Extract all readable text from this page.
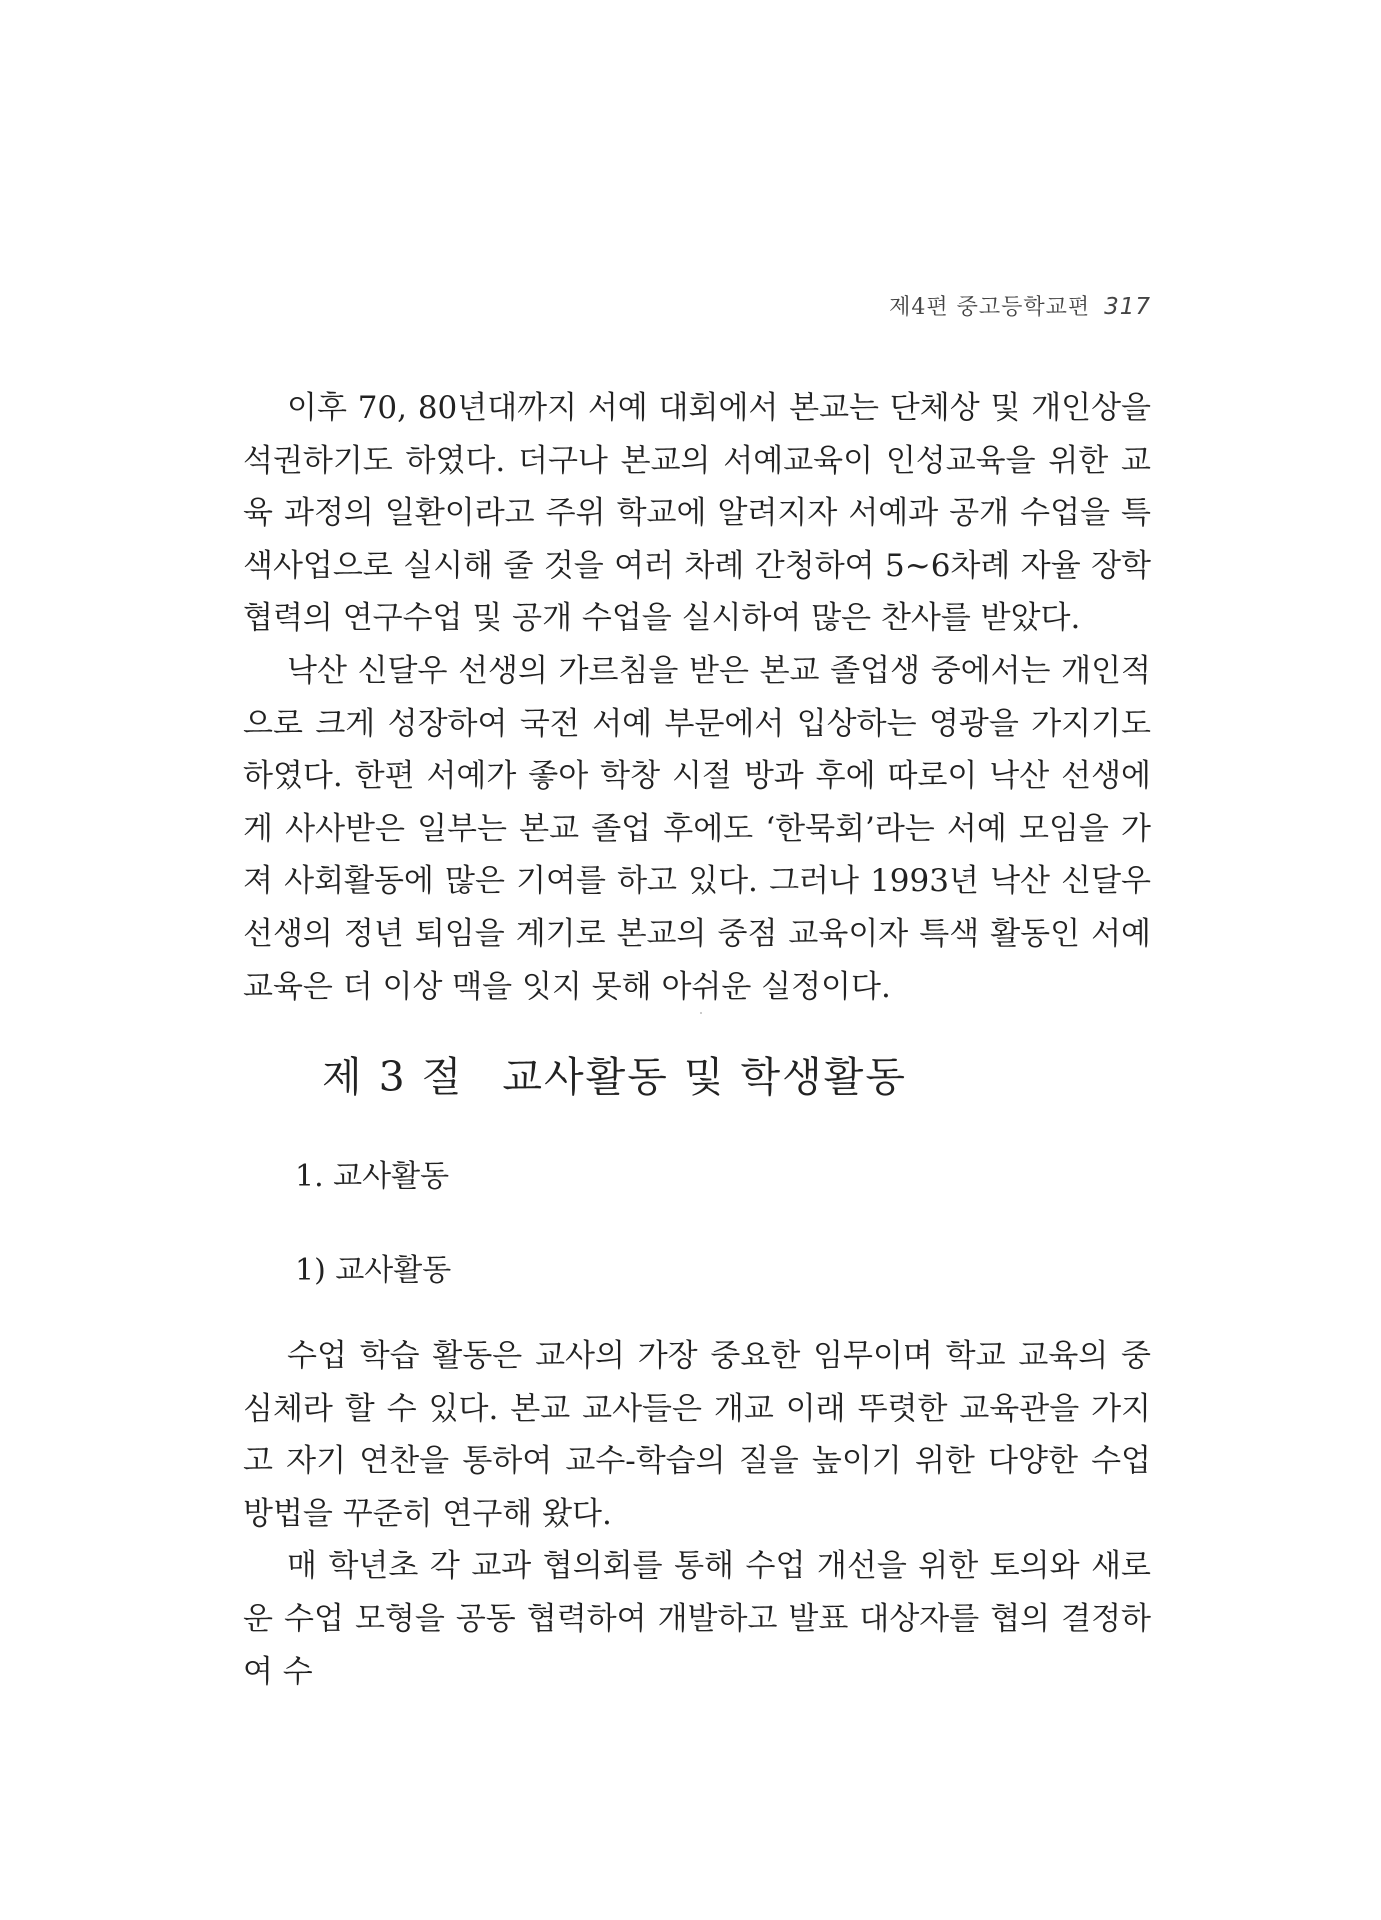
제4편 중고등학교편 317

이후 70, 80년대까지 서예 대회에서 본교는 단체상 및 개인상을 석권하기도 하였다. 더구나 본교의 서예교육이 인성교육을 위한 교육 과정의 일환이라고 주위 학교에 알려지자 서예과 공개 수업을 특색사업으로 실시해 줄 것을 여러 차례 간청하여 5~6차례 자율 장학 협력의 연구수업 및 공개 수업을 실시하여 많은 찬사를 받았다.

낙산 신달우 선생의 가르침을 받은 본교 졸업생 중에서는 개인적으로 크게 성장하여 국전 서예 부문에서 입상하는 영광을 가지기도 하였다. 한편 서예가 좋아 학창 시절 방과 후에 따로이 낙산 선생에게 사사받은 일부는 본교 졸업 후에도 ‘한묵회’라는 서예 모임을 가져 사회활동에 많은 기여를 하고 있다. 그러나 1993년 낙산 신달우 선생의 정년 퇴임을 계기로 본교의 중점 교육이자 특색 활동인 서예 교육은 더 이상 맥을 잇지 못해 아쉬운 실정이다.

제 3 절 교사활동 및 학생활동
1. 교사활동
1) 교사활동

수업 학습 활동은 교사의 가장 중요한 임무이며 학교 교육의 중심체라 할 수 있다. 본교 교사들은 개교 이래 뚜렷한 교육관을 가지고 자기 연찬을 통하여 교수-학습의 질을 높이기 위한 다양한 수업 방법을 꾸준히 연구해 왔다.

매 학년초 각 교과 협의회를 통해 수업 개선을 위한 토의와 새로운 수업 모형을 공동 협력하여 개발하고 발표 대상자를 협의 결정하여 수
